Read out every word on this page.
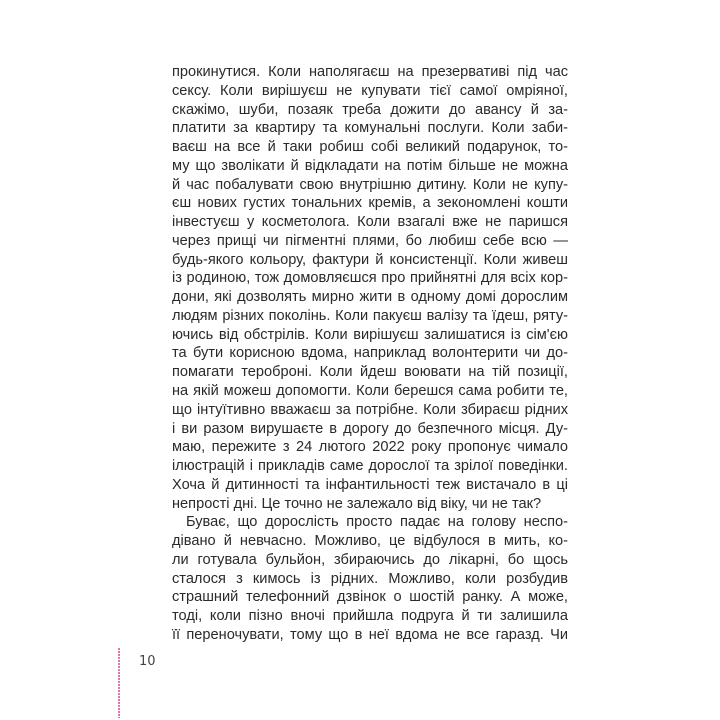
прокинутися. Коли наполягаєш на презервативі під час
сексу. Коли вирішуєш не купувати тієї самої омріяної,
скажімо, шуби, позаяк треба дожити до авансу й за-
платити за квартиру та комунальні послуги. Коли заби-
ваєш на все й таки робиш собі великий подарунок, то-
му що зволікати й відкладати на потім більше не можна
й час побалувати свою внутрішню дитину. Коли не купу-
єш нових густих тональних кремів, а зекономлені кошти
інвестуєш у косметолога. Коли взагалі вже не паришся
через прищі чи пігментні плями, бо любиш себе всю —
будь-якого кольору, фактури й консистенції. Коли живеш
із родиною, тож домовляєшся про прийнятні для всіх кор-
дони, які дозволять мирно жити в одному домі дорослим
людям різних поколінь. Коли пакуєш валізу та їдеш, ряту-
ючись від обстрілів. Коли вирішуєш залишатися із сім'єю
та бути корисною вдома, наприклад волонтерити чи до-
помагати тероброні. Коли йдеш воювати на тій позиції,
на якій можеш допомогти. Коли берешся сама робити те,
що інтуїтивно вважаєш за потрібне. Коли збираєш рідних
і ви разом вирушаєте в дорогу до безпечного місця. Ду-
маю, пережите з 24 лютого 2022 року пропонує чимало
ілюстрацій і прикладів саме дорослої та зрілої поведінки.
Хоча й дитинності та інфантильності теж вистачало в ці
непрості дні. Це точно не залежало від віку, чи не так?
Буває, що дорослість просто падає на голову неспо-
дівано й невчасно. Можливо, це відбулося в мить, ко-
ли готувала бульйон, збираючись до лікарні, бо щось
сталося з кимось із рідних. Можливо, коли розбудив
страшний телефонний дзвінок о шостій ранку. А може,
тоді, коли пізно вночі прийшла подруга й ти залишила
її переночувати, тому що в неї вдома не все гаразд. Чи
10
